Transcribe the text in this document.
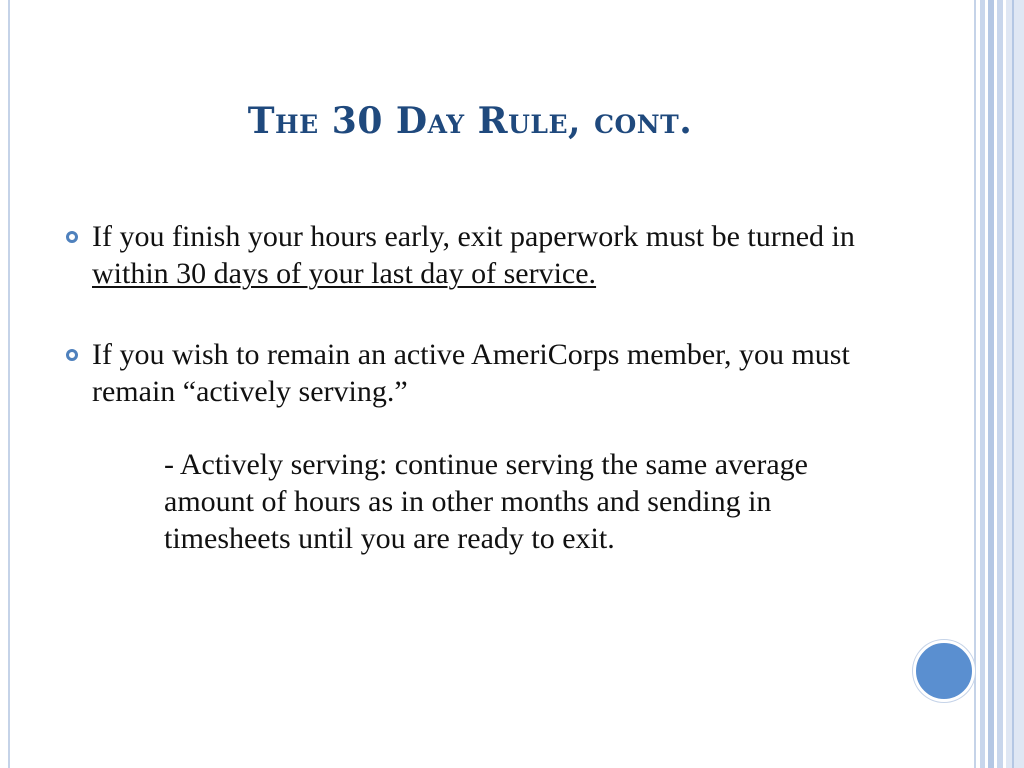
The 30 Day Rule, cont.

If you finish your hours early, exit paperwork must be turned in within 30 days of your last day of service.

If you wish to remain an active AmeriCorps member, you must remain “actively serving.”

- Actively serving: continue serving the same average amount of hours as in other months and sending in timesheets until you are ready to exit.
